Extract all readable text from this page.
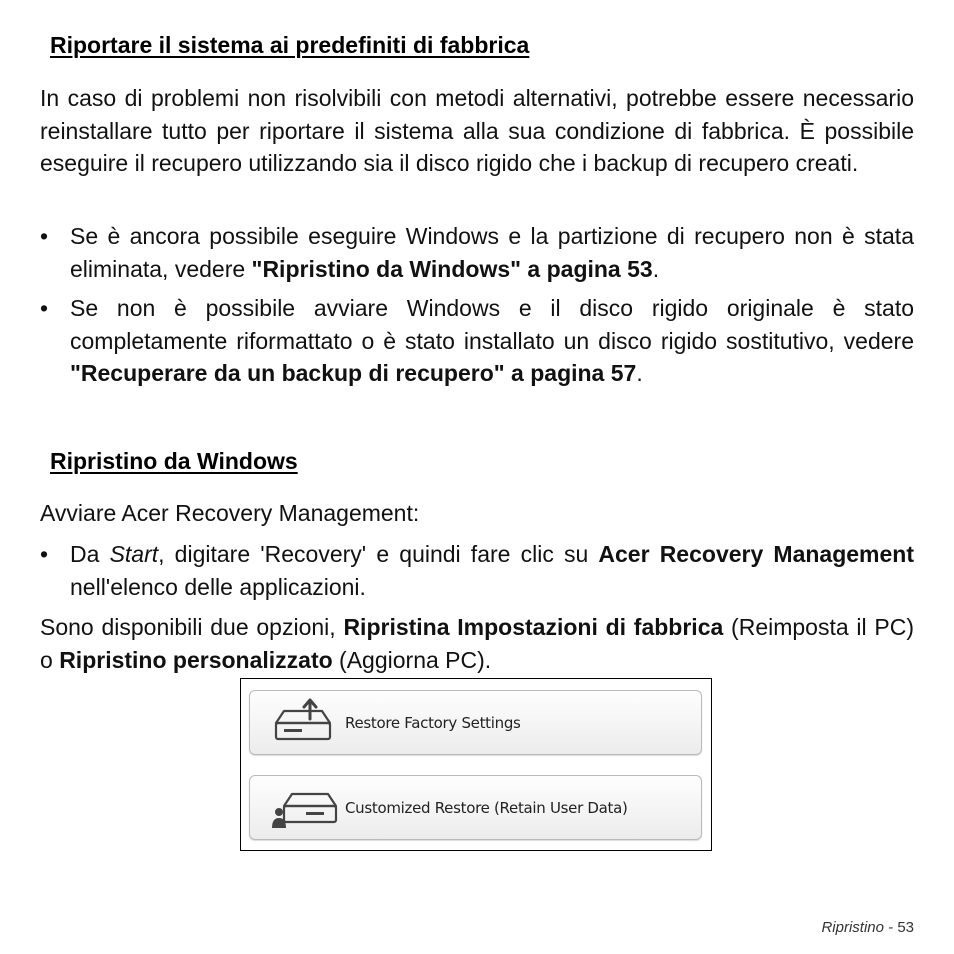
Riportare il sistema ai predefiniti di fabbrica

In caso di problemi non risolvibili con metodi alternativi, potrebbe essere necessario reinstallare tutto per riportare il sistema alla sua condizione di fabbrica. È possibile eseguire il recupero utilizzando sia il disco rigido che i backup di recupero creati.

• Se è ancora possibile eseguire Windows e la partizione di recupero non è stata eliminata, vedere "Ripristino da Windows" a pagina 53.
• Se non è possibile avviare Windows e il disco rigido originale è stato completamente riformattato o è stato installato un disco rigido sostitutivo, vedere "Recuperare da un backup di recupero" a pagina 57.
Ripristino da Windows

Avviare Acer Recovery Management:

• Da Start, digitare 'Recovery' e quindi fare clic su Acer Recovery Management nell'elenco delle applicazioni.

Sono disponibili due opzioni, Ripristina Impostazioni di fabbrica (Reimposta il PC) o Ripristino personalizzato (Aggiorna PC).

Restore Factory Settings
Customized Restore (Retain User Data)
Ripristino - 53
